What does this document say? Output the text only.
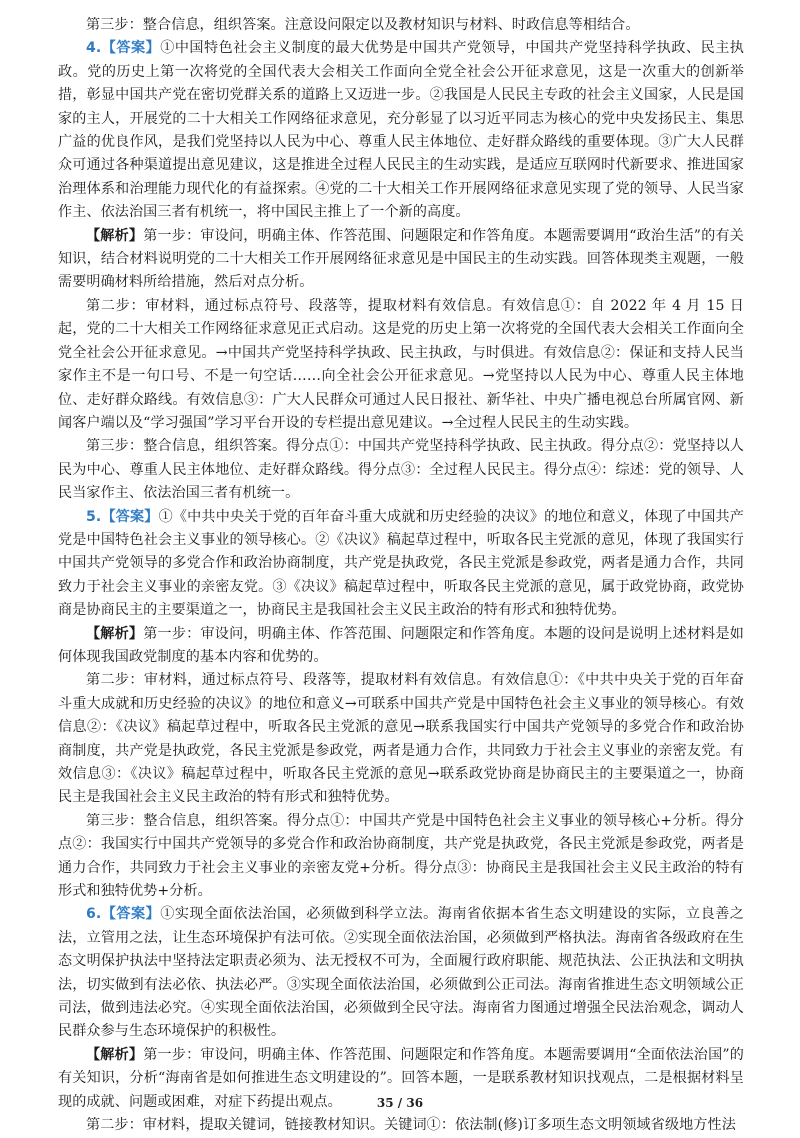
第三步：整合信息，组织答案。注意设问限定以及教材知识与材料、时政信息等相结合。

4.【答案】①中国特色社会主义制度的最大优势是中国共产党领导，中国共产党坚持科学执政、民主执政。党的历史上第一次将党的全国代表大会相关工作面向全党全社会公开征求意见，这是一次重大的创新举措，彰显中国共产党在密切党群关系的道路上又迈进一步。②我国是人民民主专政的社会主义国家，人民是国家的主人，开展党的二十大相关工作网络征求意见，充分彰显了以习近平同志为核心的党中央发扬民主、集思广益的优良作风，是我们党坚持以人民为中心、尊重人民主体地位、走好群众路线的重要体现。③广大人民群众可通过各种渠道提出意见建议，这是推进全过程人民民主的生动实践，是适应互联网时代新要求、推进国家治理体系和治理能力现代化的有益探索。④党的二十大相关工作开展网络征求意见实现了党的领导、人民当家作主、依法治国三者有机统一，将中国民主推上了一个新的高度。

【解析】第一步：审设问，明确主体、作答范围、问题限定和作答角度。本题需要调用“政治生活”的有关知识，结合材料说明党的二十大相关工作开展网络征求意见是中国民主的生动实践。回答体现类主观题，一般需要明确材料所给措施，然后对点分析。

第二步：审材料，通过标点符号、段落等，提取材料有效信息。有效信息①：自 2022 年 4 月 15 日起，党的二十大相关工作网络征求意见正式启动。这是党的历史上第一次将党的全国代表大会相关工作面向全党全社会公开征求意见。→中国共产党坚持科学执政、民主执政，与时俱进。有效信息②：保证和支持人民当家作主不是一句口号、不是一句空话……向全社会公开征求意见。→党坚持以人民为中心、尊重人民主体地位、走好群众路线。有效信息③：广大人民群众可通过人民日报社、新华社、中央广播电视总台所属官网、新闻客户端以及“学习强国”学习平台开设的专栏提出意见建议。→全过程人民民主的生动实践。

第三步：整合信息，组织答案。得分点①：中国共产党坚持科学执政、民主执政。得分点②：党坚持以人民为中心、尊重人民主体地位、走好群众路线。得分点③：全过程人民民主。得分点④：综述：党的领导、人民当家作主、依法治国三者有机统一。

5.【答案】①《中共中央关于党的百年奋斗重大成就和历史经验的决议》的地位和意义，体现了中国共产党是中国特色社会主义事业的领导核心。②《决议》稿起草过程中，听取各民主党派的意见，体现了我国实行中国共产党领导的多党合作和政治协商制度，共产党是执政党，各民主党派是参政党，两者是通力合作，共同致力于社会主义事业的亲密友党。③《决议》稿起草过程中，听取各民主党派的意见，属于政党协商，政党协商是协商民主的主要渠道之一，协商民主是我国社会主义民主政治的特有形式和独特优势。

【解析】第一步：审设问，明确主体、作答范围、问题限定和作答角度。本题的设问是说明上述材料是如何体现我国政党制度的基本内容和优势的。

第二步：审材料，通过标点符号、段落等，提取材料有效信息。有效信息①：《中共中央关于党的百年奋斗重大成就和历史经验的决议》的地位和意义→可联系中国共产党是中国特色社会主义事业的领导核心。有效信息②：《决议》稿起草过程中，听取各民主党派的意见→联系我国实行中国共产党领导的多党合作和政治协商制度，共产党是执政党，各民主党派是参政党，两者是通力合作，共同致力于社会主义事业的亲密友党。有效信息③：《决议》稿起草过程中，听取各民主党派的意见→联系政党协商是协商民主的主要渠道之一，协商民主是我国社会主义民主政治的特有形式和独特优势。

第三步：整合信息，组织答案。得分点①：中国共产党是中国特色社会主义事业的领导核心+分析。得分点②：我国实行中国共产党领导的多党合作和政治协商制度，共产党是执政党，各民主党派是参政党，两者是通力合作，共同致力于社会主义事业的亲密友党+分析。得分点③：协商民主是我国社会主义民主政治的特有形式和独特优势+分析。

6.【答案】①实现全面依法治国，必须做到科学立法。海南省依据本省生态文明建设的实际，立良善之法，立管用之法，让生态环境保护有法可依。②实现全面依法治国，必须做到严格执法。海南省各级政府在生态文明保护执法中坚持法定职责必须为、法无授权不可为，全面履行政府职能、规范执法、公正执法和文明执法，切实做到有法必依、执法必严。③实现全面依法治国，必须做到公正司法。海南省推进生态文明领域公正司法，做到违法必究。④实现全面依法治国，必须做到全民守法。海南省力图通过增强全民法治观念，调动人民群众参与生态环境保护的积极性。

【解析】第一步：审设问，明确主体、作答范围、问题限定和作答角度。本题需要调用“全面依法治国”的有关知识，分析“海南省是如何推进生态文明建设的”。回答本题，一是联系教材知识找观点，二是根据材料呈现的成就、问题或困难，对症下药提出观点。

第二步：审材料，提取关键词，链接教材知识。关键词①：依法制(修)订多项生态文明领域省级地方性法

35 / 36
